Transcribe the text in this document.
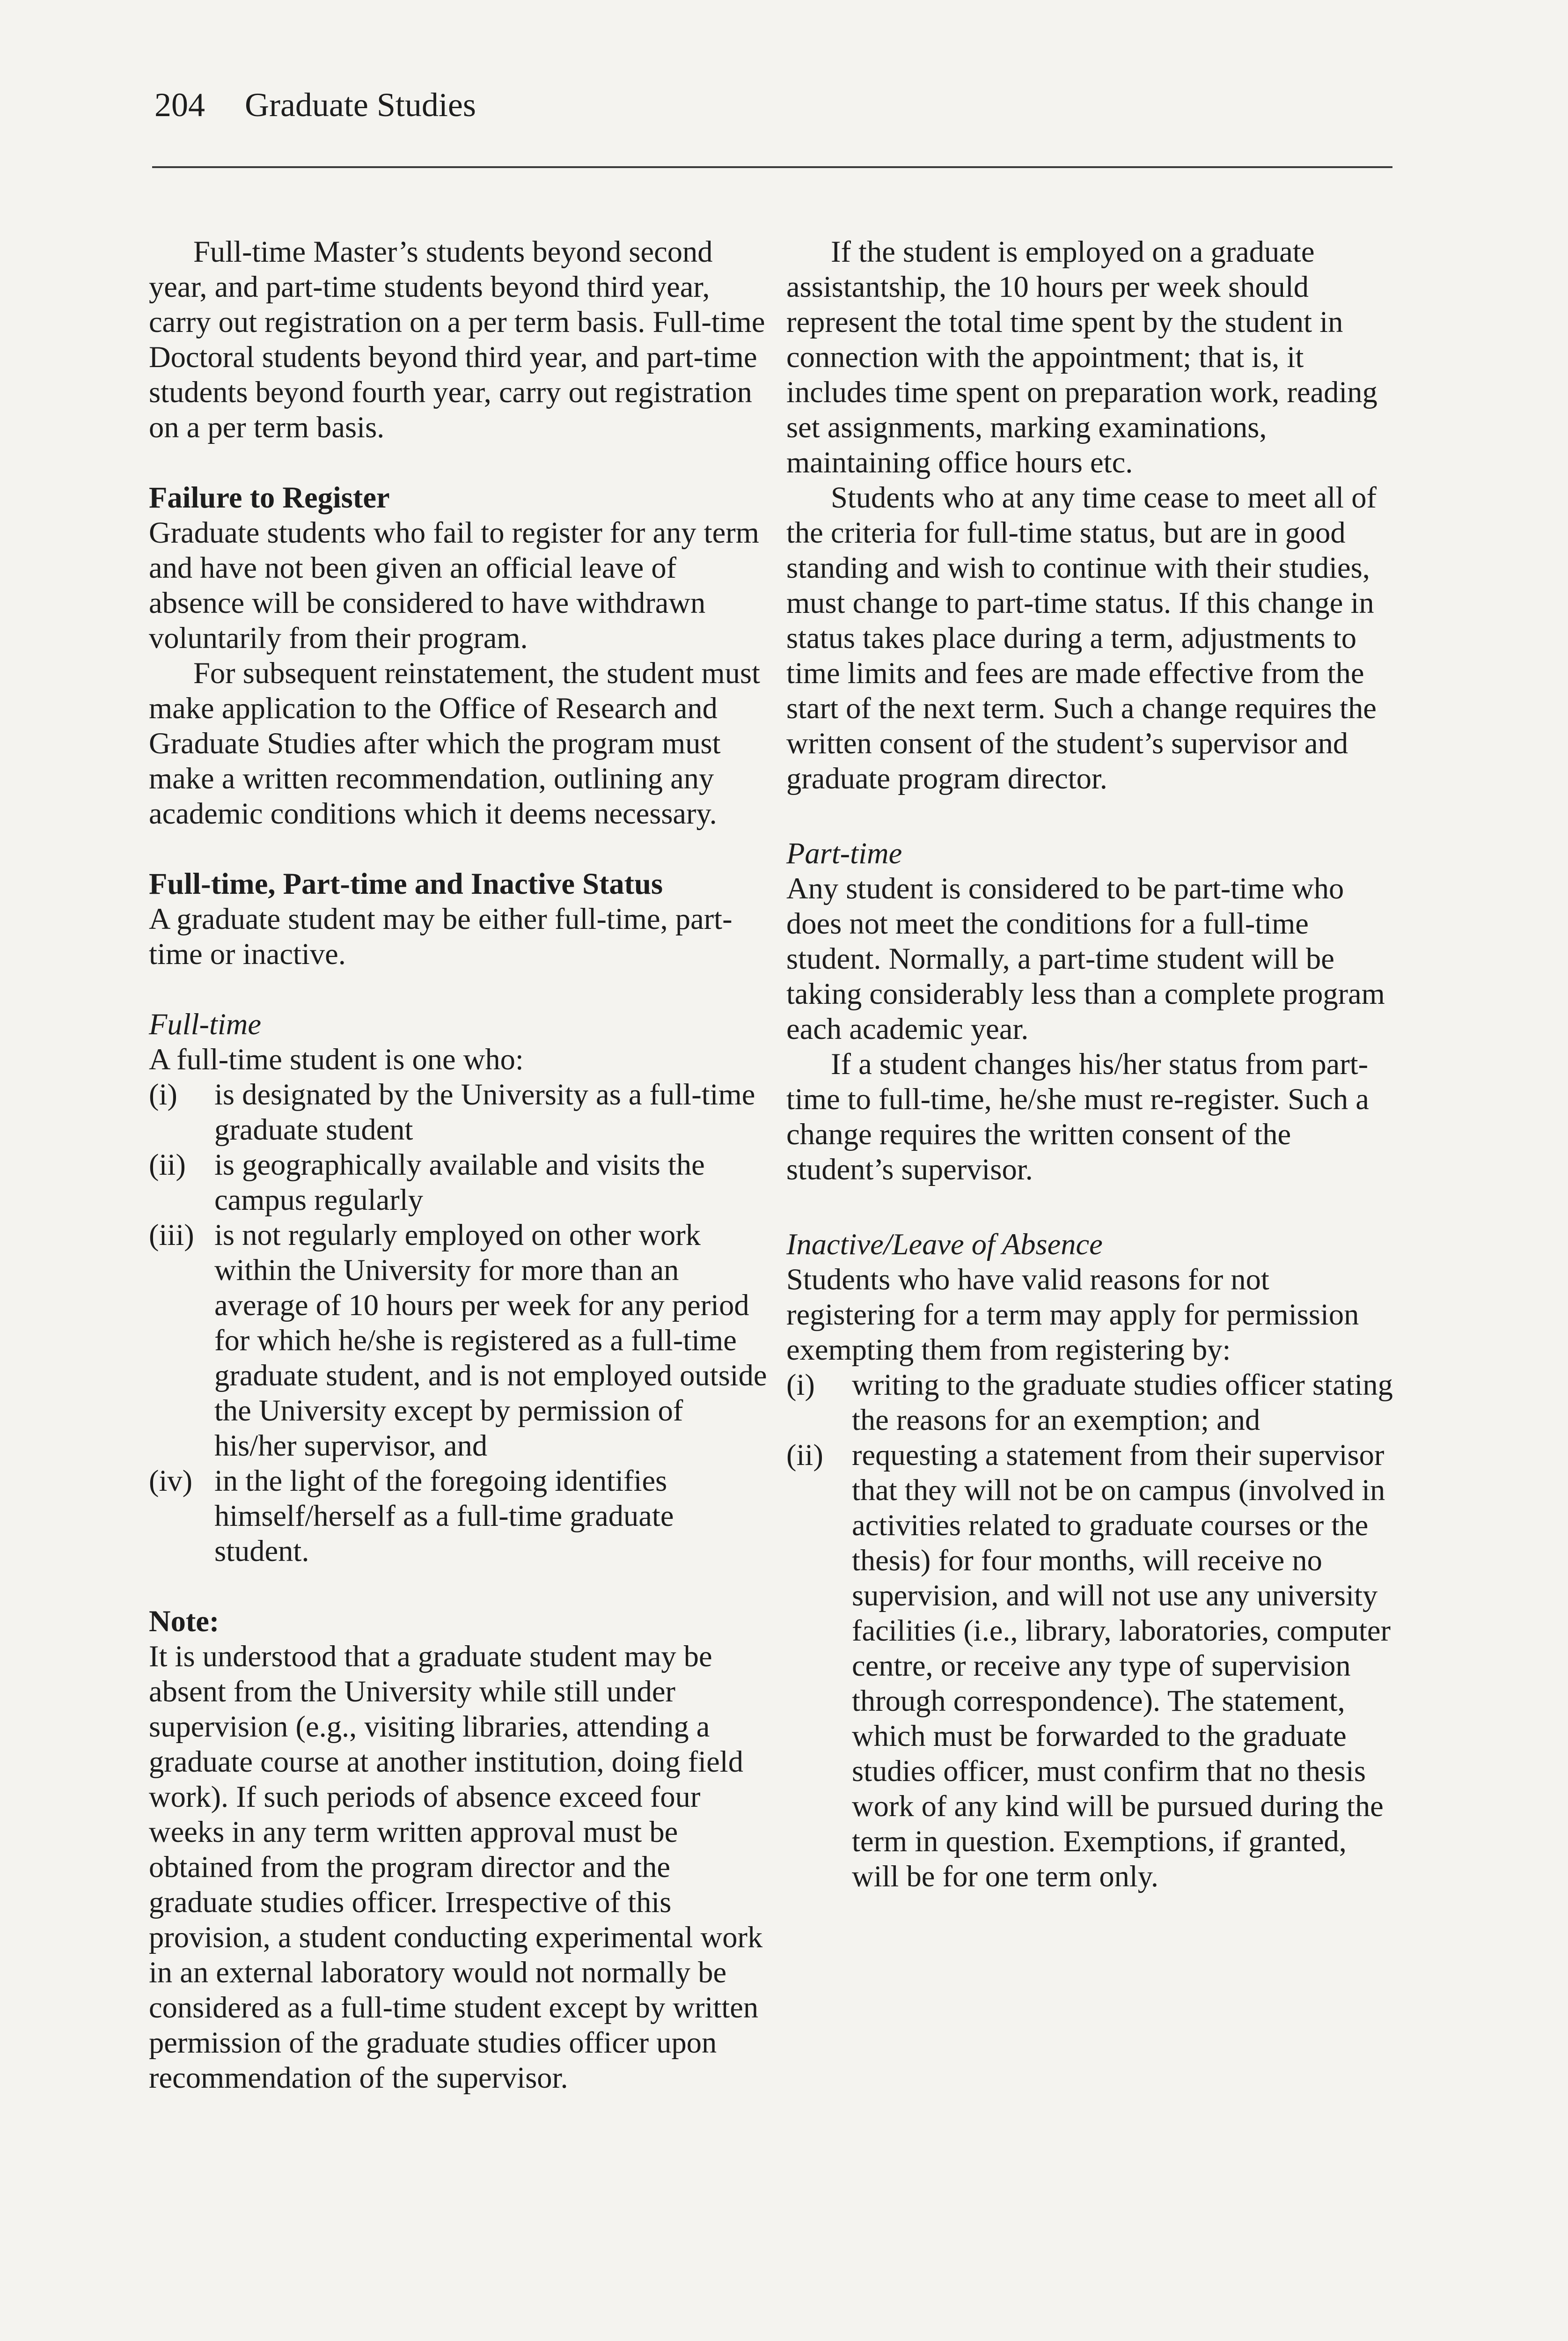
204 Graduate Studies

Full-time Master’s students beyond second year, and part-time students beyond third year, carry out registration on a per term basis. Full-time Doctoral students beyond third year, and part-time students beyond fourth year, carry out registration on a per term basis.

Failure to Register

Graduate students who fail to register for any term and have not been given an official leave of absence will be considered to have withdrawn voluntarily from their program.

For subsequent reinstatement, the student must make application to the Office of Research and Graduate Studies after which the program must make a written recommendation, outlining any academic conditions which it deems necessary.

Full-time, Part-time and Inactive Status

A graduate student may be either full-time, part-time or inactive.

Full-time

A full-time student is one who:

(i) is designated by the University as a full-time graduate student
(ii) is geographically available and visits the campus regularly
(iii) is not regularly employed on other work within the University for more than an average of 10 hours per week for any period for which he/she is registered as a full-time graduate student, and is not employed outside the University except by permission of his/her supervisor, and
(iv) in the light of the foregoing identifies himself/herself as a full-time graduate student.

Note:

It is understood that a graduate student may be absent from the University while still under supervision (e.g., visiting libraries, attending a graduate course at another institution, doing field work). If such periods of absence exceed four weeks in any term written approval must be obtained from the program director and the graduate studies officer. Irrespective of this provision, a student conducting experimental work in an external laboratory would not normally be considered as a full-time student except by written permission of the graduate studies officer upon recommendation of the supervisor.

If the student is employed on a graduate assistantship, the 10 hours per week should represent the total time spent by the student in connection with the appointment; that is, it includes time spent on preparation work, reading set assignments, marking examinations, maintaining office hours etc.

Students who at any time cease to meet all of the criteria for full-time status, but are in good standing and wish to continue with their studies, must change to part-time status. If this change in status takes place during a term, adjustments to time limits and fees are made effective from the start of the next term. Such a change requires the written consent of the student’s supervisor and graduate program director.

Part-time

Any student is considered to be part-time who does not meet the conditions for a full-time student. Normally, a part-time student will be taking considerably less than a complete program each academic year.

If a student changes his/her status from part-time to full-time, he/she must re-register. Such a change requires the written consent of the student’s supervisor.

Inactive/Leave of Absence

Students who have valid reasons for not registering for a term may apply for permission exempting them from registering by:

(i) writing to the graduate studies officer stating the reasons for an exemption; and
(ii) requesting a statement from their supervisor that they will not be on campus (involved in activities related to graduate courses or the thesis) for four months, will receive no supervision, and will not use any university facilities (i.e., library, laboratories, computer centre, or receive any type of supervision through correspondence). The statement, which must be forwarded to the graduate studies officer, must confirm that no thesis work of any kind will be pursued during the term in question. Exemptions, if granted, will be for one term only.
